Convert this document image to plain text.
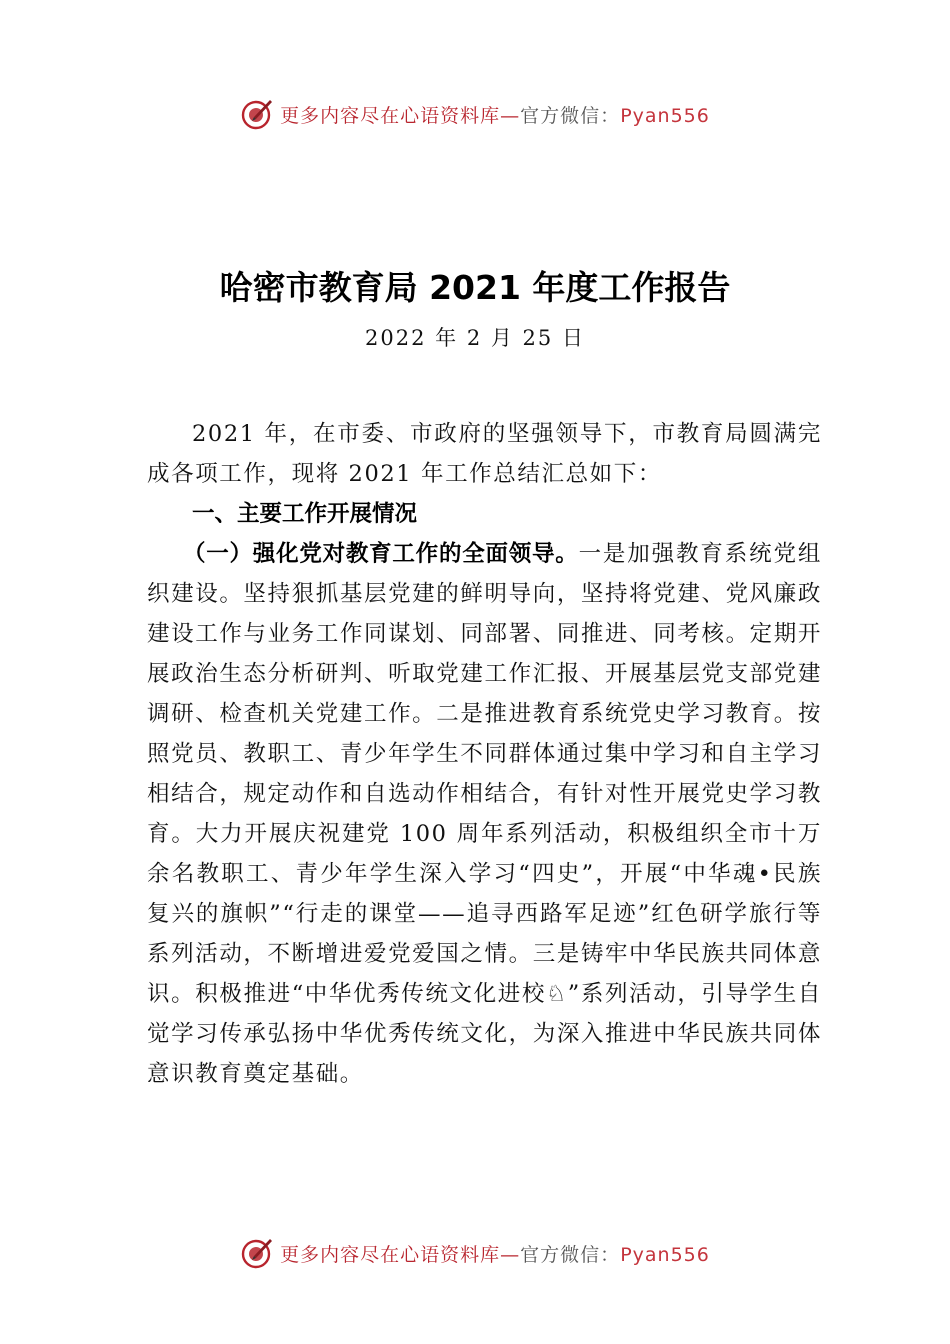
更多内容尽在心语资料库—官方微信：Pyan556
哈密市教育局 2021 年度工作报告
2022 年 2 月 25 日

2021 年，在市委、市政府的坚强领导下，市教育局圆满完成各项工作，现将 2021 年工作总结汇总如下：

一、主要工作开展情况

（一）强化党对教育工作的全面领导。一是加强教育系统党组织建设。坚持狠抓基层党建的鲜明导向，坚持将党建、党风廉政建设工作与业务工作同谋划、同部署、同推进、同考核。定期开展政治生态分析研判、听取党建工作汇报、开展基层党支部党建调研、检查机关党建工作。二是推进教育系统党史学习教育。按照党员、教职工、青少年学生不同群体通过集中学习和自主学习相结合，规定动作和自选动作相结合，有针对性开展党史学习教育。大力开展庆祝建党 100 周年系列活动，积极组织全市十万余名教职工、青少年学生深入学习“四史”，开展“中华魂•民族复兴的旗帜”“行走的课堂——追寻西路军足迹”红色研学旅行等系列活动，不断增进爱党爱国之情。三是铸牢中华民族共同体意识。积极推进“中华优秀传统文化进校♘”系列活动，引导学生自觉学习传承弘扬中华优秀传统文化，为深入推进中华民族共同体意识教育奠定基础。

更多内容尽在心语资料库—官方微信：Pyan556
